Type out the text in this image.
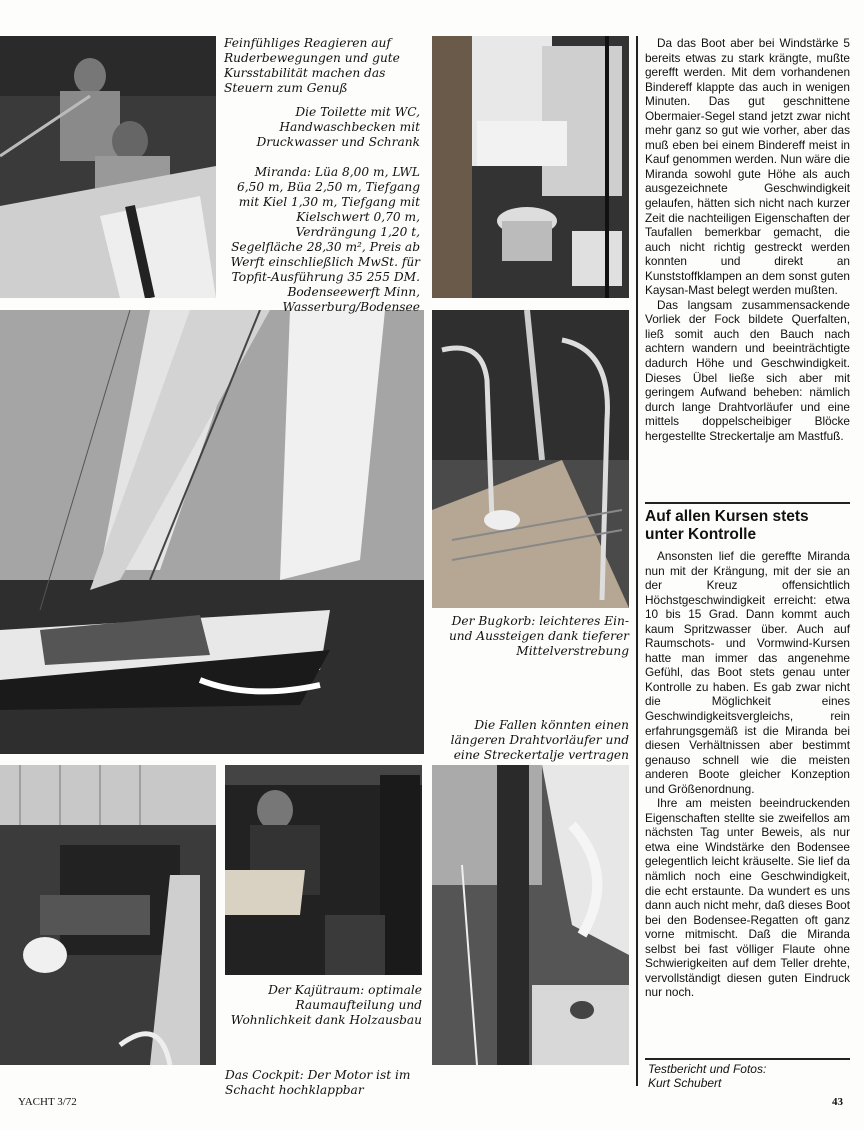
Feinfühliges Reagieren auf Ruderbewegungen und gute Kursstabilität machen das Steuern zum Genuß

Die Toilette mit WC, Handwaschbecken mit Druckwasser und Schrank

Miranda: Lüa 8,00 m, LWL 6,50 m, Büa 2,50 m, Tiefgang mit Kiel 1,30 m, Tiefgang mit Kielschwert 0,70 m, Verdrängung 1,20 t, Segelfläche 28,30 m², Preis ab Werft einschließlich MwSt. für Topfit-Ausführung 35 255 DM. Bodenseewerft Minn, Wasserburg/Bodensee

Der Bugkorb: leichteres Ein- und Aussteigen dank tieferer Mittelverstrebung

Die Fallen könnten einen längeren Drahtvorläufer und eine Streckertalje vertragen

Der Kajütraum: optimale Raumaufteilung und Wohnlichkeit dank Holzausbau

Das Cockpit: Der Motor ist im Schacht hochklappbar

Da das Boot aber bei Windstärke 5 bereits etwas zu stark krängte, mußte gerefft werden. Mit dem vorhandenen Bindereff klappte das auch in wenigen Minuten. Das gut geschnittene Obermaier-Segel stand jetzt zwar nicht mehr ganz so gut wie vorher, aber das muß eben bei einem Bindereff meist in Kauf genommen werden. Nun wäre die Miranda sowohl gute Höhe als auch ausgezeichnete Geschwindigkeit gelaufen, hätten sich nicht nach kurzer Zeit die nachteiligen Eigenschaften der Taufallen bemerkbar gemacht, die auch nicht richtig gestreckt werden konnten und direkt an Kunststoffklampen an dem sonst guten Kaysan-Mast belegt werden mußten.

Das langsam zusammensackende Vorliek der Fock bildete Querfalten, ließ somit auch den Bauch nach achtern wandern und beeinträchtigte dadurch Höhe und Geschwindigkeit. Dieses Übel ließe sich aber mit geringem Aufwand beheben: nämlich durch lange Drahtvorläufer und eine mittels doppelscheibiger Blöcke hergestellte Streckertalje am Mastfuß.

Auf allen Kursen stets unter Kontrolle

Ansonsten lief die gereffte Miranda nun mit der Krängung, mit der sie an der Kreuz offensichtlich Höchstgeschwindigkeit erreicht: etwa 10 bis 15 Grad. Dann kommt auch kaum Spritzwasser über. Auch auf Raumschots- und Vormwind-Kursen hatte man immer das angenehme Gefühl, das Boot stets genau unter Kontrolle zu haben. Es gab zwar nicht die Möglichkeit eines Geschwindigkeitsvergleichs, rein erfahrungsgemäß ist die Miranda bei diesen Verhältnissen aber bestimmt genauso schnell wie die meisten anderen Boote gleicher Konzeption und Größenordnung.

Ihre am meisten beeindruckenden Eigenschaften stellte sie zweifellos am nächsten Tag unter Beweis, als nur etwa eine Windstärke den Bodensee gelegentlich leicht kräuselte. Sie lief da nämlich noch eine Geschwindigkeit, die echt erstaunte. Da wundert es uns dann auch nicht mehr, daß dieses Boot bei den Bodensee-Regatten oft ganz vorne mitmischt. Daß die Miranda selbst bei fast völliger Flaute ohne Schwierigkeiten auf dem Teller drehte, vervollständigt diesen guten Eindruck nur noch.

Testbericht und Fotos:
Kurt Schubert
YACHT 3/72	43
